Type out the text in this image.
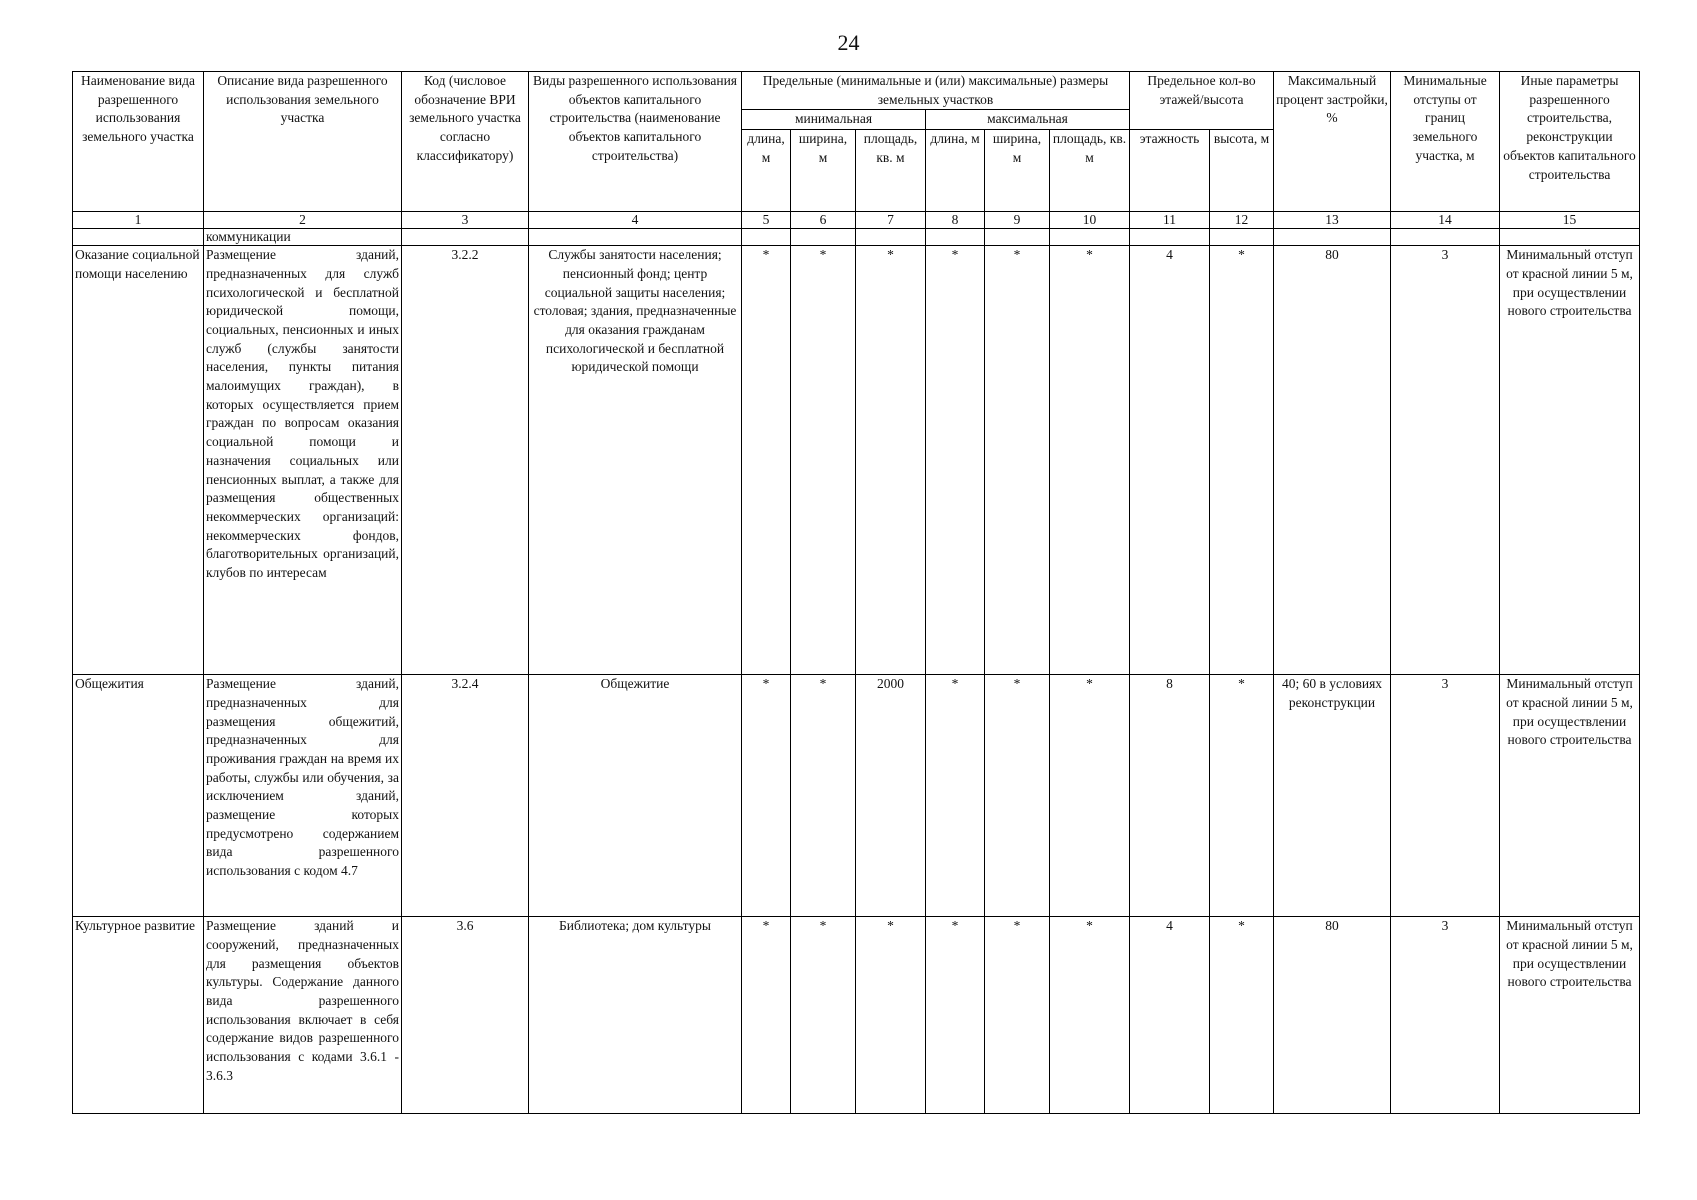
24
Наименование вида разрешенного использования земельного участка	Описание вида разрешенного использования земельного участка	Код (числовое обозначение ВРИ земельного участка согласно классификатору)	Виды разрешенного использования объектов капитального строительства (наименование объектов капитального строительства)	Предельные (минимальные и (или) максимальные) размеры земельных участков						Предельное кол-во этажей/высота		Максимальный процент застройки, %	Минимальные отступы от границ земельного участка, м	Иные параметры разрешенного строительства, реконструкции объектов капитального строительства
				минимальная			максимальная							
				длина, м	ширина, м	площадь, кв. м	длина, м	ширина, м	площадь, кв. м	этажность	высота, м			
1	2	3	4	5	6	7	8	9	10	11	12	13	14	15
	коммуникации													
Оказание социальной помощи населению	Размещение зданий, предназначенных для служб психологической и бесплатной юридической помощи, социальных, пенсионных и иных служб (службы занятости населения, пункты питания малоимущих граждан), в которых осуществляется прием граждан по вопросам оказания социальной помощи и назначения социальных или пенсионных выплат, а также для размещения общественных некоммерческих организаций: некоммерческих фондов, благотворительных организаций, клубов по интересам	3.2.2	Службы занятости населения; пенсионный фонд; центр социальной защиты населения; столовая; здания, предназначенные для оказания гражданам психологической и бесплатной юридической помощи	*	*	*	*	*	*	4	*	80	3	Минимальный отступ от красной линии 5 м, при осуществлении нового строительства
Общежития	Размещение зданий, предназначенных для размещения общежитий, предназначенных для проживания граждан на время их работы, службы или обучения, за исключением зданий, размещение которых предусмотрено содержанием вида разрешенного использования с кодом 4.7	3.2.4	Общежитие	*	*	2000	*	*	*	8	*	40; 60 в условиях реконструкции	3	Минимальный отступ от красной линии 5 м, при осуществлении нового строительства
Культурное развитие	Размещение зданий и сооружений, предназначенных для размещения объектов культуры. Содержание данного вида разрешенного использования включает в себя содержание видов разрешенного использования с кодами 3.6.1 - 3.6.3	3.6	Библиотека; дом культуры	*	*	*	*	*	*	4	*	80	3	Минимальный отступ от красной линии 5 м, при осуществлении нового строительства
